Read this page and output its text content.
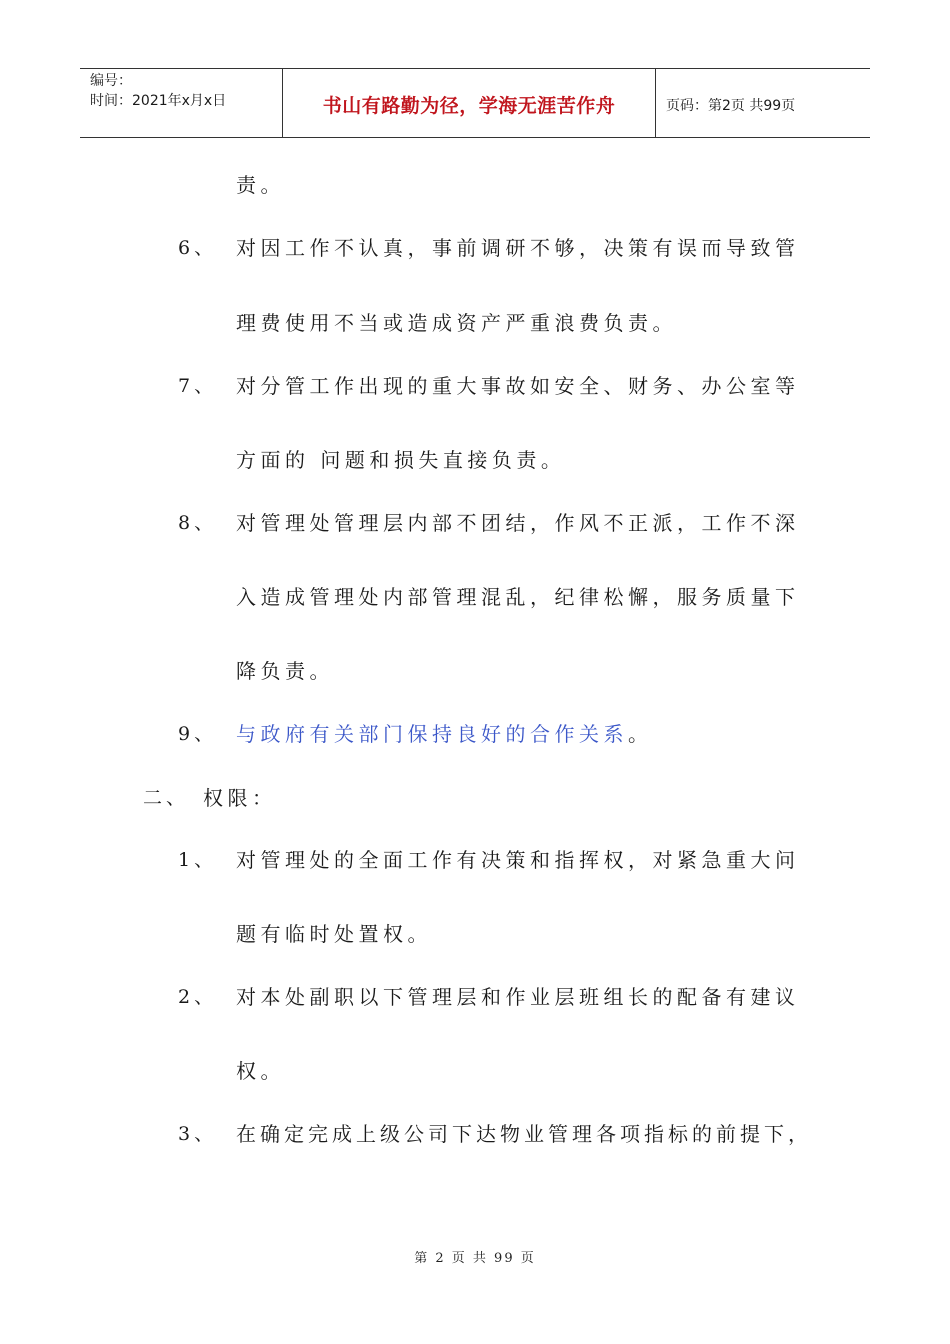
编号：
时间：2021年x月x日	书山有路勤为径，学海无涯苦作舟	页码：第2页 共99页
责。
6、 对因工作不认真，事前调研不够，决策有误而导致管
理费使用不当或造成资产严重浪费负责。
7、 对分管工作出现的重大事故如安全、财务、办公室等
方面的 问题和损失直接负责。
8、 对管理处管理层内部不团结，作风不正派，工作不深
入造成管理处内部管理混乱，纪律松懈，服务质量下
降负责。
9、 与政府有关部门保持良好的合作关系。
二、 权限：
1、 对管理处的全面工作有决策和指挥权，对紧急重大问
题有临时处置权。
2、 对本处副职以下管理层和作业层班组长的配备有建议
权。
3、 在确定完成上级公司下达物业管理各项指标的前提下，
第 2 页 共 99 页
